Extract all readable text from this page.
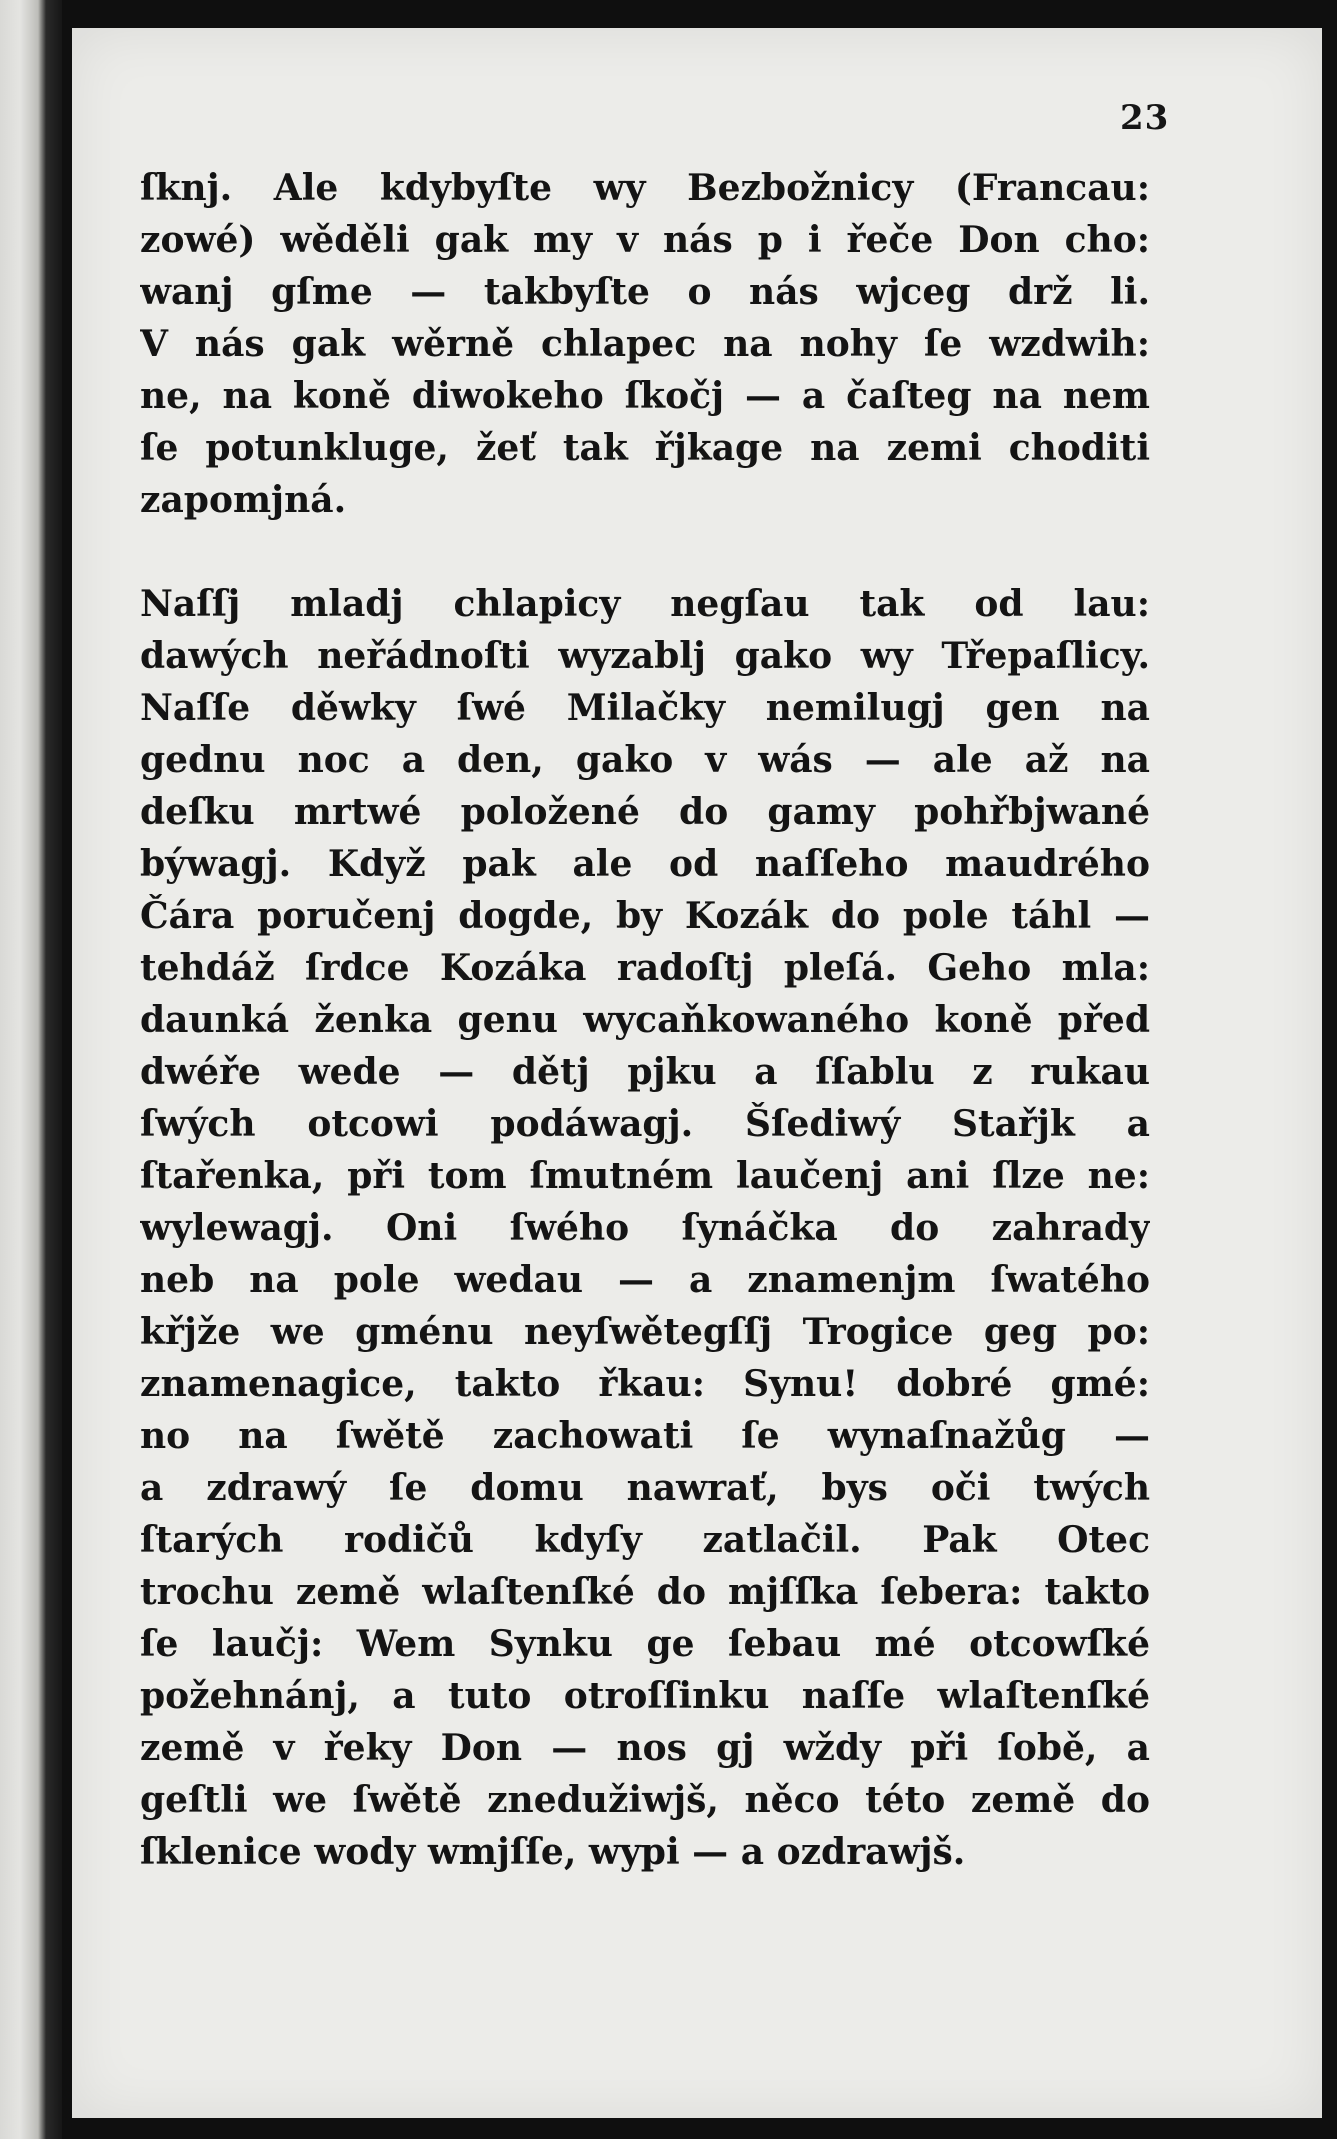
23
ſknj. Ale kdybyſte wy Bezbožnicy (Francau:
zowé) wěděli gak my v nás p i řeče Don cho:
wanj gſme — takbyſte o nás wjceg drž li.
V nás gak wěrně chlapec na nohy ſe wzdwih:
ne, na koně diwokeho ſkočj — a čaſteg na nem
ſe potunkluge, žeť tak řjkage na zemi choditi
zapomjná.
Naſſj mladj chlapicy negſau tak od lau:
dawých neřádnoſti wyzablj gako wy Třepaſlicy.
Naſſe děwky ſwé Milačky nemilugj gen na
gednu noc a den, gako v wás — ale až na
deſku mrtwé položené do gamy pohřbjwané
býwagj. Když pak ale od naſſeho maudrého
Čára poručenj dogde, by Kozák do pole táhl —
tehdáž ſrdce Kozáka radoſtj pleſá. Geho mla:
daunká ženka genu wycaňkowaného koně před
dwéře wede — dětj pjku a ſſablu z rukau
ſwých otcowi podáwagj. Šſediwý Stařjk a
ſtařenka, při tom ſmutném laučenj ani ſlze ne:
wylewagj. Oni ſwého ſynáčka do zahrady
neb na pole wedau — a znamenjm ſwatého
křjže we gménu neyſwětegſſj Trogice geg po:
znamenagice, takto řkau: Synu! dobré gmé:
no na ſwětě zachowati ſe wynaſnažůg —
a zdrawý ſe domu nawrať, bys oči twých
ſtarých rodičů kdyſy zatlačil. Pak Otec
trochu země wlaſtenſké do mjſſka ſebera: takto
ſe laučj: Wem Synku ge ſebau mé otcowſké
požehnánj, a tuto otroſſinku naſſe wlaſtenſké
země v řeky Don — nos gj wždy při ſobě, a
geſtli we ſwětě znedužiwjš, něco této země do
ſklenice wody wmjſſe, wypi — a ozdrawjš.
